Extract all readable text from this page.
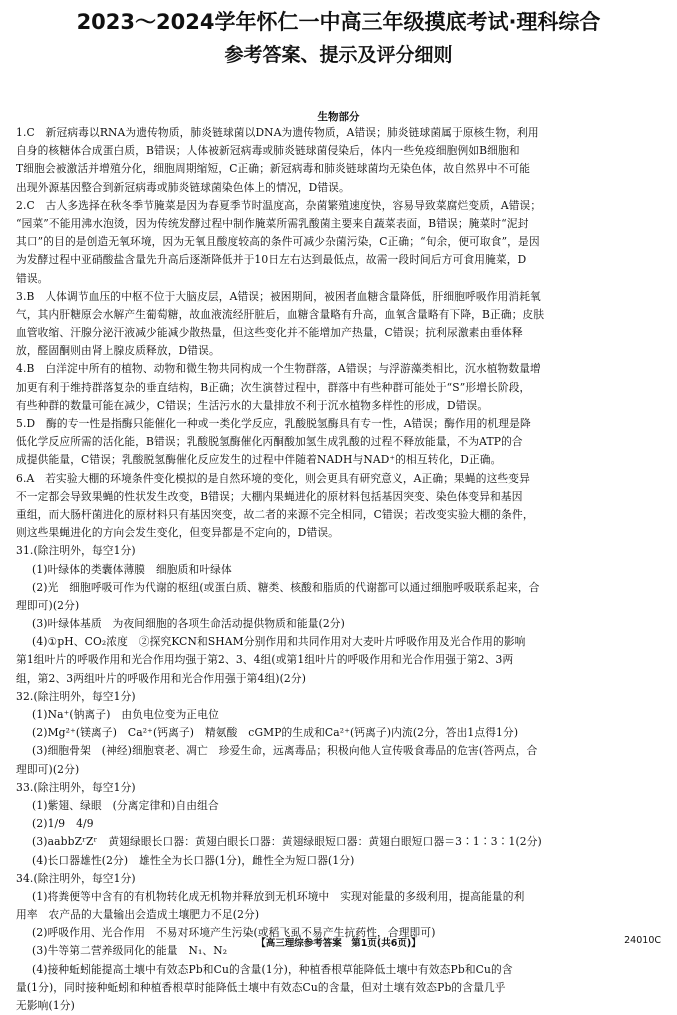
2023～2024学年怀仁一中高三年级摸底考试·理科综合
参考答案、提示及评分细则
生物部分
1.C　新冠病毒以RNA为遗传物质，肺炎链球菌以DNA为遗传物质，A错误；肺炎链球菌属于原核生物，利用
自身的核糖体合成蛋白质，B错误；人体被新冠病毒或肺炎链球菌侵染后，体内一些免疫细胞例如B细胞和
T细胞会被激活并增殖分化，细胞周期缩短，C正确；新冠病毒和肺炎链球菌均无染色体，故自然界中不可能
出现外源基因整合到新冠病毒或肺炎链球菌染色体上的情况，D错误。
2.C　古人多选择在秋冬季节腌菜是因为春夏季节时温度高，杂菌繁殖速度快，容易导致菜腐烂变质，A错误；
“园菜”不能用沸水泡烫，因为传统发酵过程中制作腌菜所需乳酸菌主要来自蔬菜表面，B错误；腌菜时“泥封
其口”的目的是创造无氧环境，因为无氧且酸度较高的条件可减少杂菌污染，C正确；“旬余，便可取食”，是因
为发酵过程中亚硝酸盐含量先升高后逐渐降低并于10日左右达到最低点，故需一段时间后方可食用腌菜，D
错误。
3.B　人体调节血压的中枢不位于大脑皮层，A错误；被困期间，被困者血糖含量降低，肝细胞呼吸作用消耗氧
气，其内肝糖原会水解产生葡萄糖，故血液流经肝脏后，血糖含量略有升高，血氧含量略有下降，B正确；皮肤
血管收缩、汗腺分泌汗液减少能减少散热量，但这些变化并不能增加产热量，C错误；抗利尿激素由垂体释
放，醛固酮则由肾上腺皮质释放，D错误。
4.B　白洋淀中所有的植物、动物和微生物共同构成一个生物群落，A错误；与浮游藻类相比，沉水植物数量增
加更有利于维持群落复杂的垂直结构，B正确；次生演替过程中，群落中有些种群可能处于“S”形增长阶段，
有些种群的数量可能在减少，C错误；生活污水的大量排放不利于沉水植物多样性的形成，D错误。
5.D　酶的专一性是指酶只能催化一种或一类化学反应，乳酸脱氢酶具有专一性，A错误；酶作用的机理是降
低化学反应所需的活化能，B错误；乳酸脱氢酶催化丙酮酸加氢生成乳酸的过程不释放能量，不为ATP的合
成提供能量，C错误；乳酸脱氢酶催化反应发生的过程中伴随着NADH与NAD⁺的相互转化，D正确。
6.A　若实验大棚的环境条件变化模拟的是自然环境的变化，则会更具有研究意义，A正确；果蝇的这些变异
不一定都会导致果蝇的性状发生改变，B错误；大棚内果蝇进化的原材料包括基因突变、染色体变异和基因
重组，而大肠杆菌进化的原材料只有基因突变，故二者的来源不完全相同，C错误；若改变实验大棚的条件，
则这些果蝇进化的方向会发生变化，但变异都是不定向的，D错误。
31.(除注明外，每空1分)
(1)叶绿体的类囊体薄膜　细胞质和叶绿体
(2)光　细胞呼吸可作为代谢的枢纽(或蛋白质、糖类、核酸和脂质的代谢都可以通过细胞呼吸联系起来，合
理即可)(2分)
(3)叶绿体基质　为夜间细胞的各项生命活动提供物质和能量(2分)
(4)①pH、CO₂浓度　②探究KCN和SHAM分别作用和共同作用对大麦叶片呼吸作用及光合作用的影响
第1组叶片的呼吸作用和光合作用均强于第2、3、4组(或第1组叶片的呼吸作用和光合作用强于第2、3两
组，第2、3两组叶片的呼吸作用和光合作用强于第4组)(2分)
32.(除注明外，每空1分)
(1)Na⁺(钠离子)　由负电位变为正电位
(2)Mg²⁺(镁离子)　Ca²⁺(钙离子)　精氨酸　cGMP的生成和Ca²⁺(钙离子)内流(2分，答出1点得1分)
(3)细胞骨架　(神经)细胞衰老、凋亡　珍爱生命，远离毒品；积极向他人宣传吸食毒品的危害(答两点，合
理即可)(2分)
33.(除注明外，每空1分)
(1)紫翅、绿眼　(分离定律和)自由组合
(2)1/9　4/9
(3)aabbZʳZʳ　黄翅绿眼长口器：黄翅白眼长口器：黄翅绿眼短口器：黄翅白眼短口器＝3∶1∶3∶1(2分)
(4)长口器雄性(2分)　雄性全为长口器(1分)，雌性全为短口器(1分)
34.(除注明外，每空1分)
(1)将粪便等中含有的有机物转化成无机物并释放到无机环境中　实现对能量的多级利用，提高能量的利
用率　农产品的大量输出会造成土壤肥力不足(2分)
(2)呼吸作用、光合作用　不易对环境产生污染(或稻飞虱不易产生抗药性，合理即可)
(3)牛等第二营养级同化的能量　N₁、N₂
(4)接种蚯蚓能提高土壤中有效态Pb和Cu的含量(1分)，种植香根草能降低土壤中有效态Pb和Cu的含
量(1分)，同时接种蚯蚓和种植香根草时能降低土壤中有效态Cu的含量，但对土壤有效态Pb的含量几乎
无影响(1分)
【高三理综参考答案　第1页(共6页)】	24010C
